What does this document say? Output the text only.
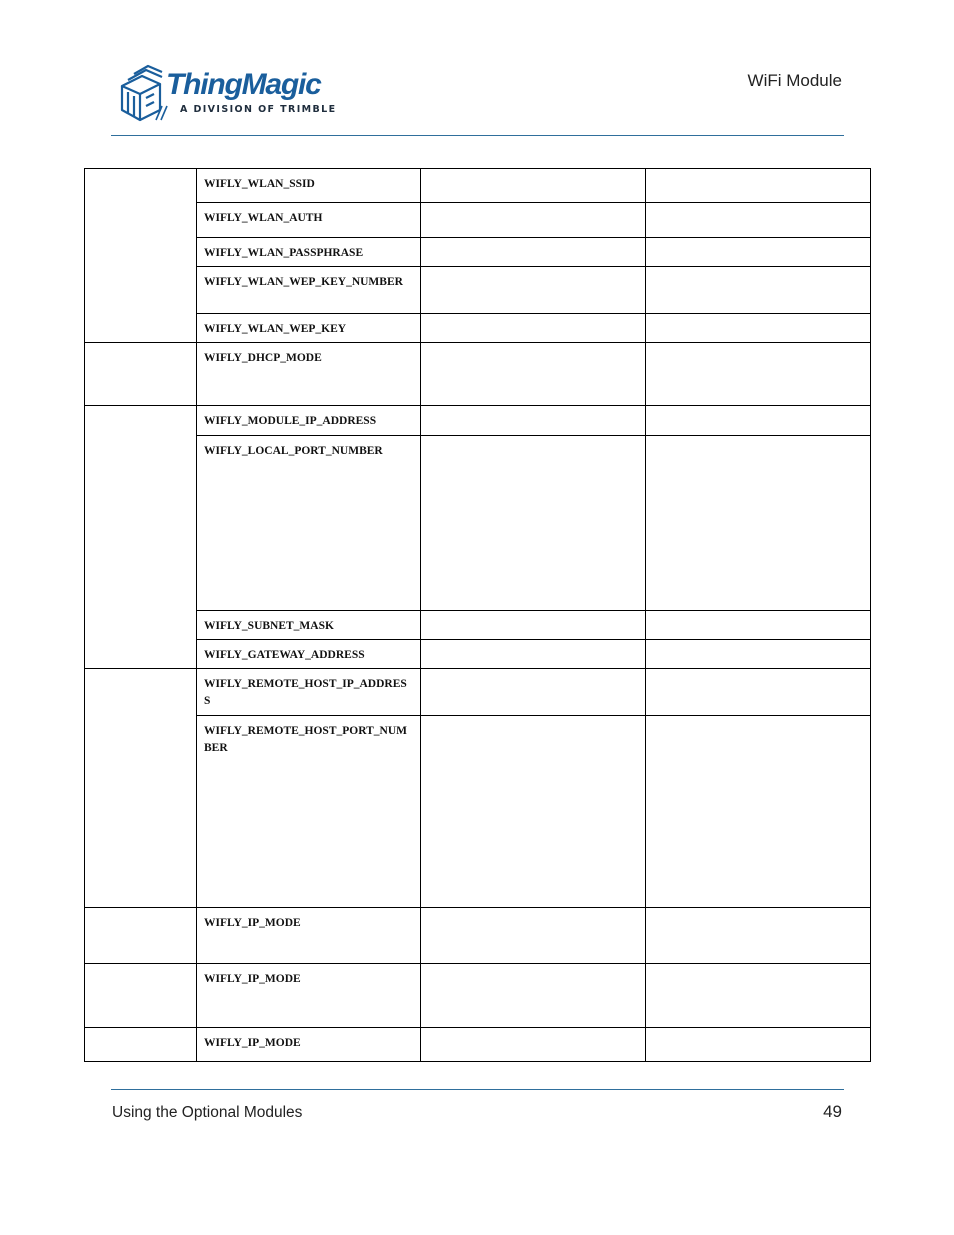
ThingMagic
A DIVISION OF TRIMBLE
WiFi Module
	WIFLY_WLAN_SSID		
	WIFLY_WLAN_AUTH		
	WIFLY_WLAN_PASSPHRASE		
	WIFLY_WLAN_WEP_KEY_NUMBER		
	WIFLY_WLAN_WEP_KEY		
	WIFLY_DHCP_MODE		
	WIFLY_MODULE_IP_ADDRESS		
	WIFLY_LOCAL_PORT_NUMBER		
	WIFLY_SUBNET_MASK		
	WIFLY_GATEWAY_ADDRESS		
	WIFLY_REMOTE_HOST_IP_ADDRESS		
	WIFLY_REMOTE_HOST_PORT_NUMBER		
	WIFLY_IP_MODE		
	WIFLY_IP_MODE		
	WIFLY_IP_MODE		
Using the Optional Modules	49
